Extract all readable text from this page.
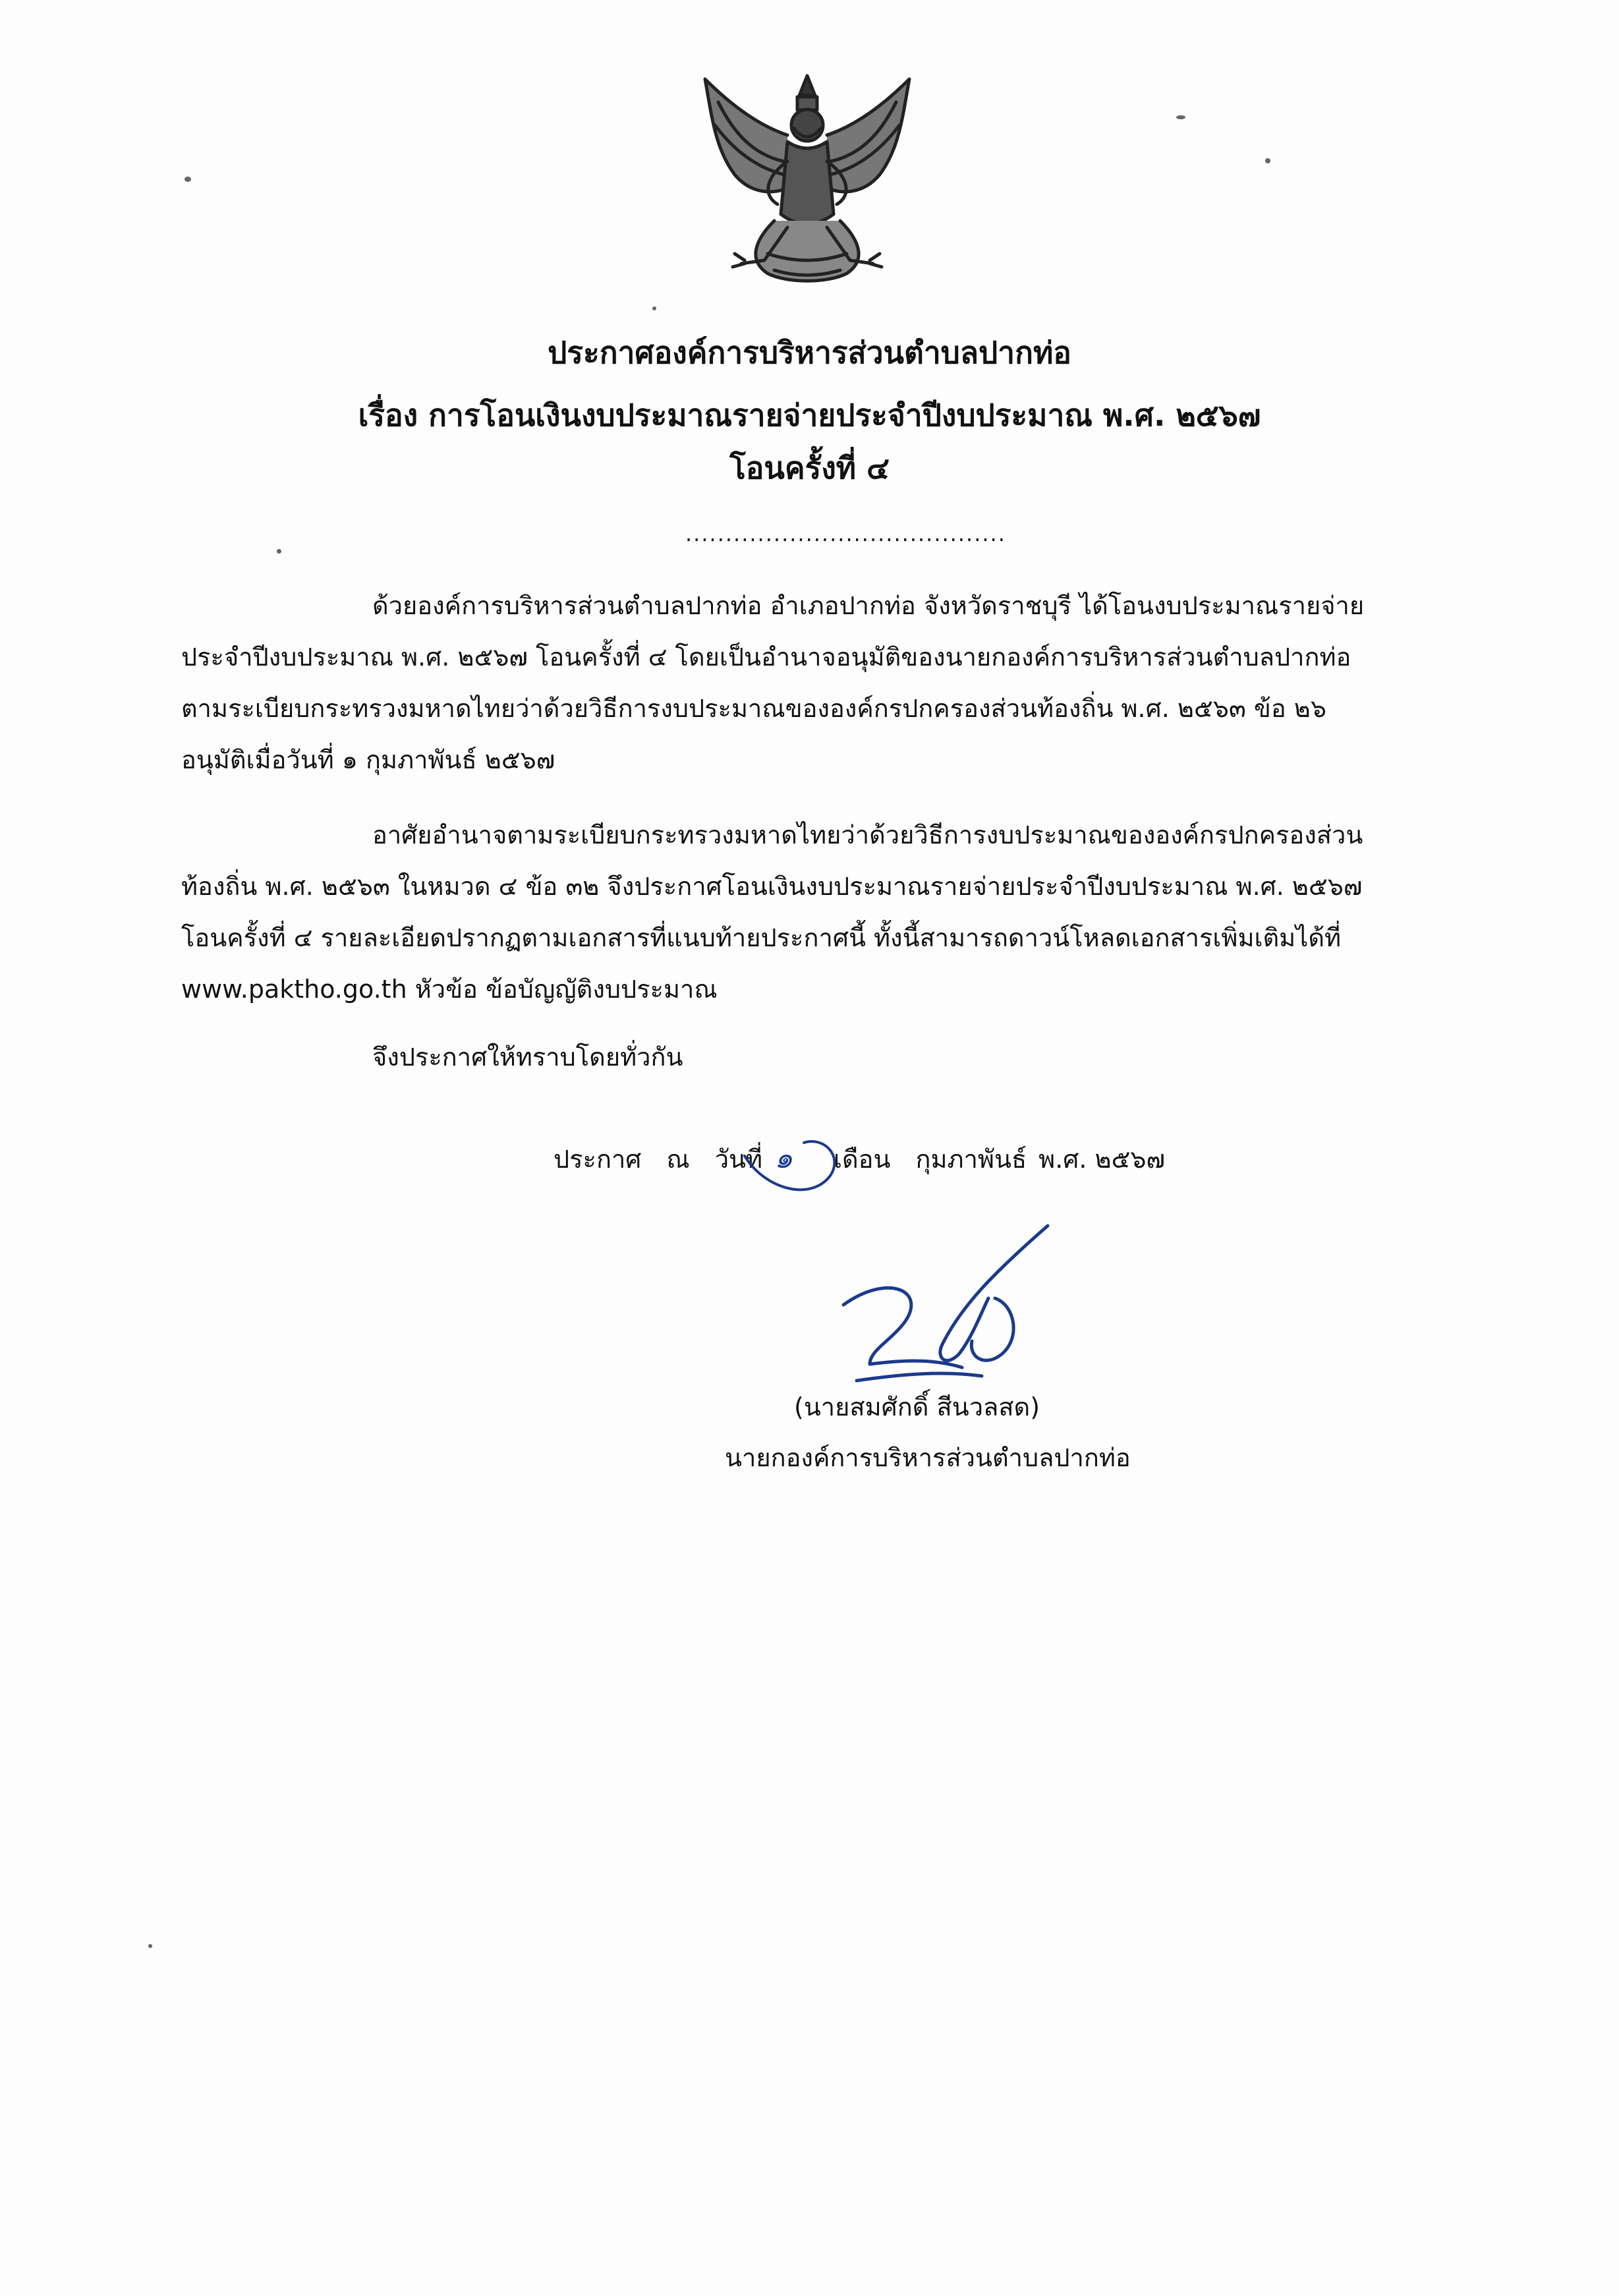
ประกาศองค์การบริหารส่วนตำบลปากท่อ
เรื่อง การโอนเงินงบประมาณรายจ่ายประจำปีงบประมาณ พ.ศ. ๒๕๖๗
โอนครั้งที่ ๔
........................................

ด้วยองค์การบริหารส่วนตำบลปากท่อ อำเภอปากท่อ จังหวัดราชบุรี ได้โอนงบประมาณรายจ่าย
ประจำปีงบประมาณ พ.ศ. ๒๕๖๗ โอนครั้งที่ ๔ โดยเป็นอำนาจอนุมัติของนายกองค์การบริหารส่วนตำบลปากท่อ
ตามระเบียบกระทรวงมหาดไทยว่าด้วยวิธีการงบประมาณขององค์กรปกครองส่วนท้องถิ่น พ.ศ. ๒๕๖๓ ข้อ ๒๖
อนุมัติเมื่อวันที่ ๑ กุมภาพันธ์ ๒๕๖๗

อาศัยอำนาจตามระเบียบกระทรวงมหาดไทยว่าด้วยวิธีการงบประมาณขององค์กรปกครองส่วน
ท้องถิ่น พ.ศ. ๒๕๖๓ ในหมวด ๔ ข้อ ๓๒ จึงประกาศโอนเงินงบประมาณรายจ่ายประจำปีงบประมาณ พ.ศ. ๒๕๖๗
โอนครั้งที่ ๔ รายละเอียดปรากฏตามเอกสารที่แนบท้ายประกาศนี้ ทั้งนี้สามารถดาวน์โหลดเอกสารเพิ่มเติมได้ที่
www.paktho.go.th หัวข้อ ข้อบัญญัติงบประมาณ

จึงประกาศให้ทราบโดยทั่วกัน

ประกาศ ณ วันที่ ๑ เดือน กุมภาพันธ์ พ.ศ. ๒๕๖๗
(นายสมศักดิ์ สีนวลสด)
นายกองค์การบริหารส่วนตำบลปากท่อ
